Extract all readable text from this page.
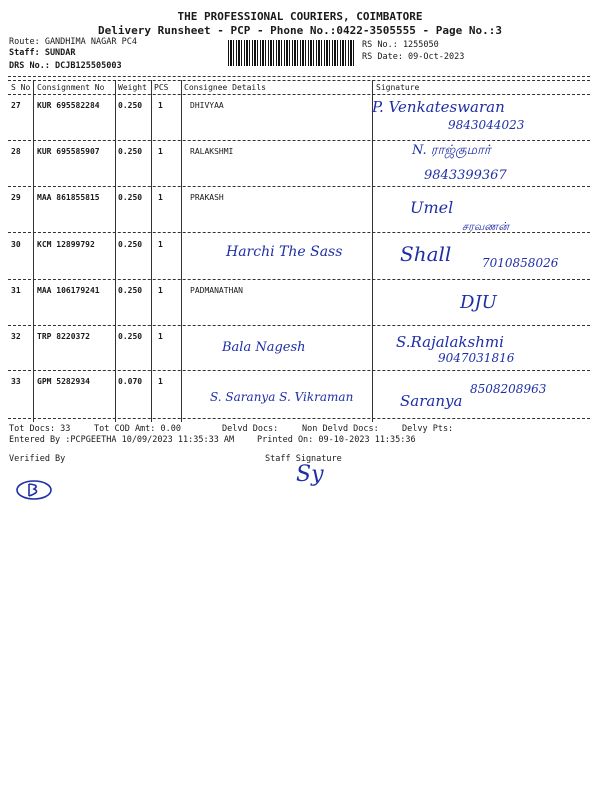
THE PROFESSIONAL COURIERS, COIMBATORE
Delivery Runsheet - PCP - Phone No.:0422-3505555 - Page No.:3
Route: GANDHIMA NAGAR PC4
Staff: SUNDAR
DRS No.: DCJB125505003
RS No.: 1255050
RS Date: 09-Oct-2023
S No Consignment No Weight PCS Consignee Details	Signature
27 KUR 695582284 0.250 1	DHIVYAA	P. Venkateswaran
9843044023
28 KUR 695585907 0.250 1	RALAKSHMI	N. ராஜ்குமார்
9843399367
29 MAA 861855815 0.250 1	PRAKASH
Umel
சரவணன்
30 KCM 12899792	0.250 1	Harchi The Sass	Shall	7010858026
31 MAA 106179241 0.250 1	PADMANATHAN
DJU
32 TRP 8220372	0.250 1
Bala Nagesh	S.Rajalakshmi
9047031816
33 GPM 5282934	0.070 1
S. Saranya S. Vikraman	Saranya
8508208963
Tot Docs: 33	Tot COD Amt: 0.00	Delvd Docs:	Non Delvd Docs:	Delvy Pts:
Entered By :PCPGEETHA 10/09/2023 11:35:33 AM	Printed On: 09-10-2023 11:35:36
Verified By	Staff Signature
Sy
